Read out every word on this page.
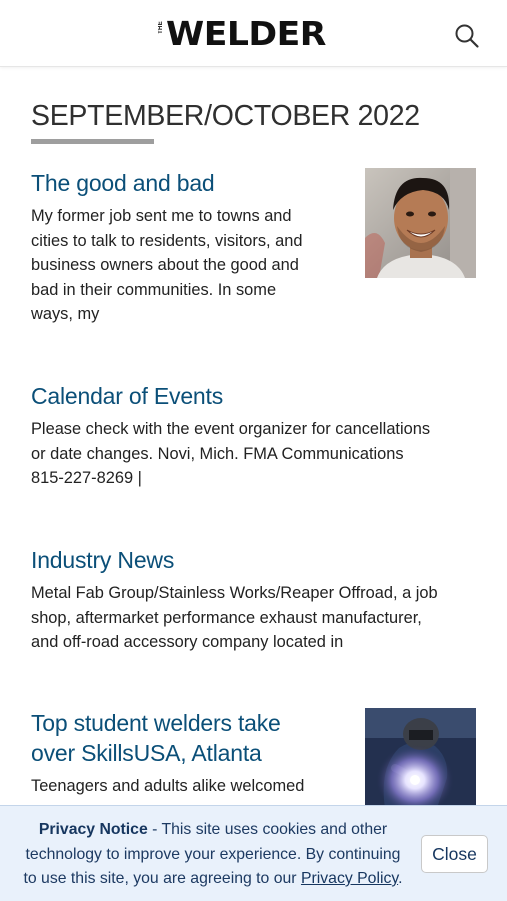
THE WELDER
SEPTEMBER/OCTOBER 2022
The good and bad

My former job sent me to towns and
cities to talk to residents, visitors, and
business owners about the good and
bad in their communities. In some
ways, my

Calendar of Events

Please check with the event organizer for cancellations
or date changes. Novi, Mich. FMA Communications
815-227-8269 |

Industry News

Metal Fab Group/Stainless Works/Reaper Offroad, a job
shop, aftermarket performance exhaust manufacturer,
and off-road accessory company located in

Top student welders take
over SkillsUSA, Atlanta

Teenagers and adults alike welcomed

Privacy Notice - This site uses cookies and other
technology to improve your experience. By continuing
to use this site, you are agreeing to our Privacy Policy.
Close
